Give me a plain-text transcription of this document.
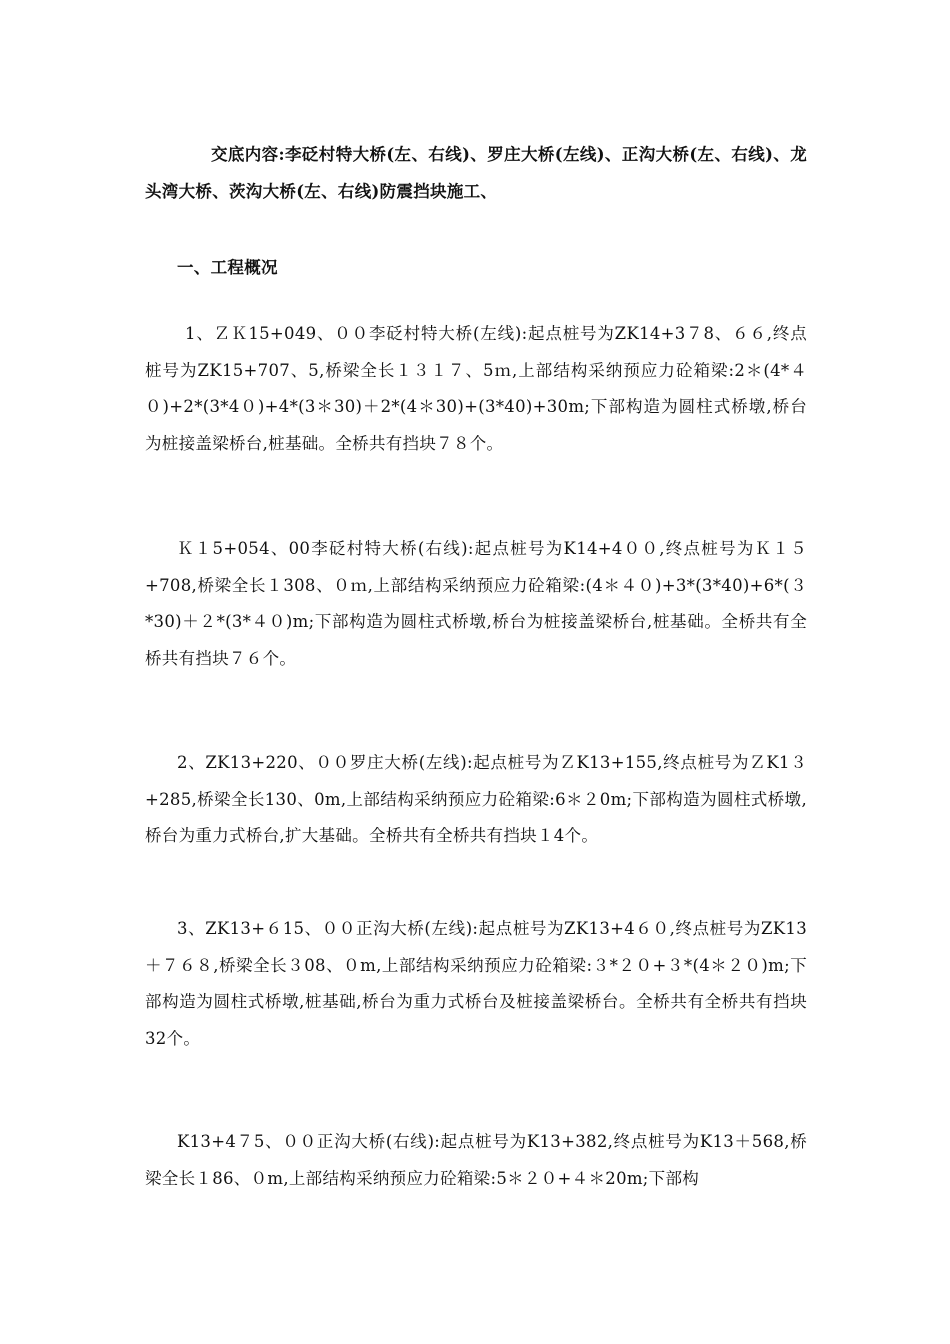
交底内容:李砭村特大桥(左、右线)、罗庄大桥(左线)、正沟大桥(左、右线)、龙头湾大桥、茨沟大桥(左、右线)防震挡块施工、
一、工程概况
1、ＺＫ15+049、００李砭村特大桥(左线):起点桩号为ZK14+3７8、６６,终点桩号为ZK15+707、5,桥梁全长１３１７、5ｍ,上部结构采纳预应力砼箱梁:2＊(4*４０)+2*(3*4０)+4*(3＊30)＋2*(4＊30)+(3*40)+30m;下部构造为圆柱式桥墩,桥台为桩接盖梁桥台,桩基础。全桥共有挡块７８个。
Ｋ１5+054、00李砭村特大桥(右线):起点桩号为K14+4００,终点桩号为Ｋ１５+708,桥梁全长１308、０ｍ,上部结构采纳预应力砼箱梁:(4＊４０)+3*(3*40)+6*(３*30)＋２*(3*４０)m;下部构造为圆柱式桥墩,桥台为桩接盖梁桥台,桩基础。全桥共有全桥共有挡块７６个。
2、ZK13+220、００罗庄大桥(左线):起点桩号为ＺK13+155,终点桩号为ＺK1３+285,桥梁全长130、0m,上部结构采纳预应力砼箱梁:6＊２0m;下部构造为圆柱式桥墩,桥台为重力式桥台,扩大基础。全桥共有全桥共有挡块１4个。
3、ZK13+６15、００正沟大桥(左线):起点桩号为ZK13+4６０,终点桩号为ZK13＋７６８,桥梁全长３08、０m,上部结构采纳预应力砼箱梁:３*２０+３*(4＊２０)m;下部构造为圆柱式桥墩,桩基础,桥台为重力式桥台及桩接盖梁桥台。全桥共有全桥共有挡块32个。
K13+4７5、００正沟大桥(右线):起点桩号为K13+382,终点桩号为K13＋568,桥梁全长１86、０m,上部结构采纳预应力砼箱梁:5＊２０+４＊20m;下部构
